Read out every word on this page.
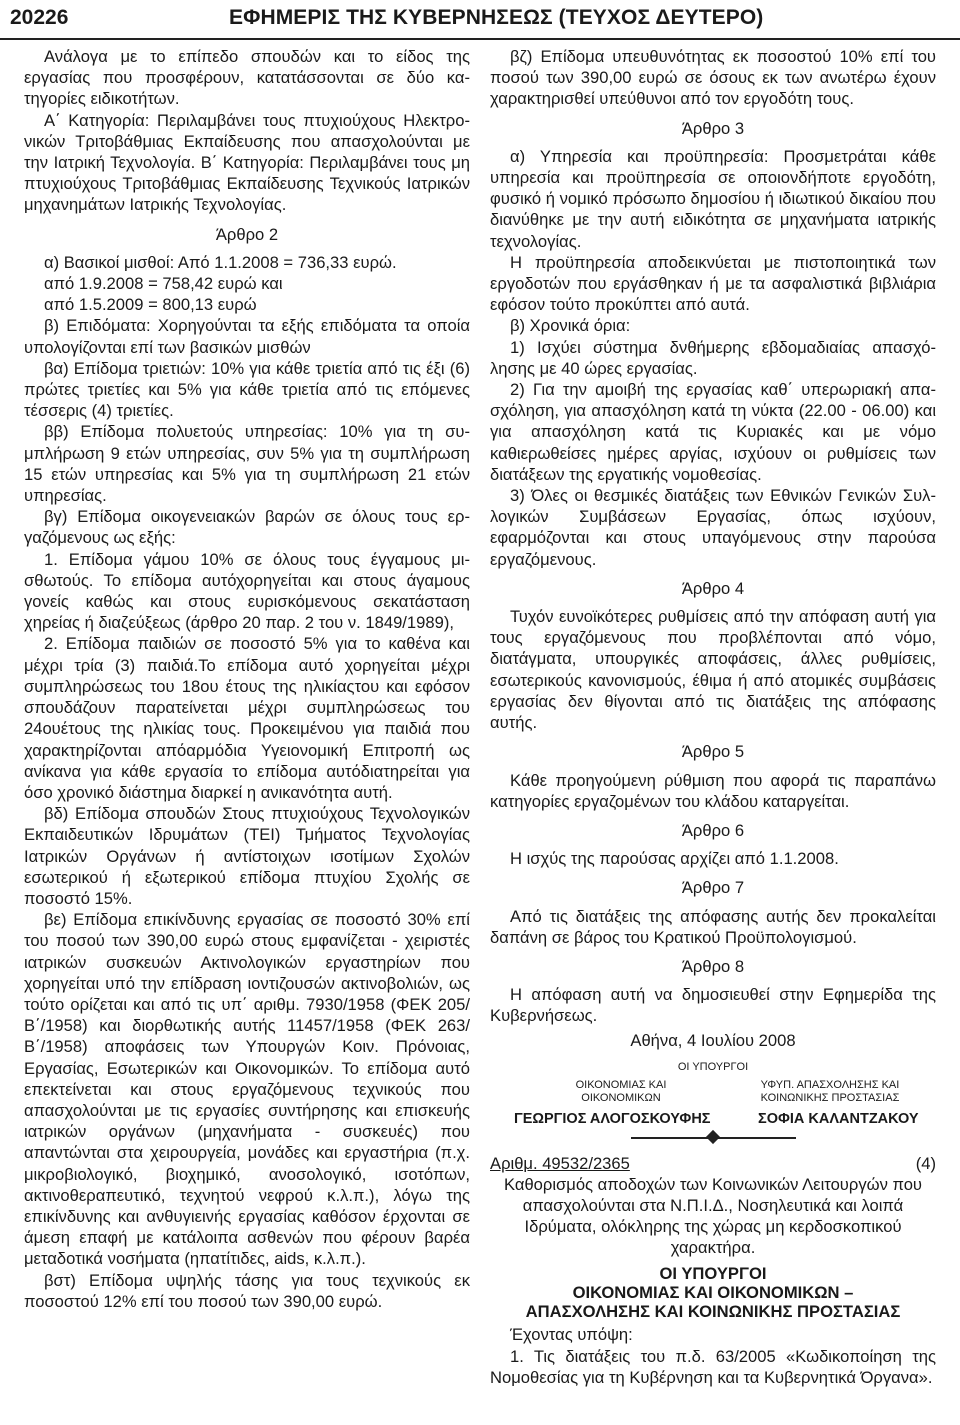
20226	ΕΦΗΜΕΡΙΣ ΤΗΣ ΚΥΒΕΡΝΗΣΕΩΣ (ΤΕΥΧΟΣ ΔΕΥΤΕΡΟ)

Ανάλογα με το επίπεδο σπουδών και το είδος της εργασίας που προσφέρουν, κατατάσσονται σε δύο κατηγορίες ειδικοτήτων.

Α΄ Κατηγορία: Περιλαμβάνει τους πτυχιούχους Ηλεκτρονικών Τριτοβάθμιας Εκπαίδευσης που απασχολούνται με την Ιατρική Τεχνολογία. Β΄ Κατηγορία: Περιλαμβάνει τους μη πτυχιούχους Τριτοβάθμιας Εκπαίδευσης Τεχνικούς Ιατρικών μηχανημάτων Ιατρικής Τεχνολογίας.

Άρθρο 2

α) Βασικοί μισθοί: Από 1.1.2008 = 736,33 ευρώ.

από 1.9.2008 = 758,42 ευρώ και

από 1.5.2009 = 800,13 ευρώ

β) Επιδόματα: Χορηγούνται τα εξής επιδόματα τα οποία υπολογίζονται επί των βασικών μισθών

βα) Επίδομα τριετιών: 10% για κάθε τριετία από τις έξι (6) πρώτες τριετίες και 5% για κάθε τριετία από τις επόμενες τέσσερις (4) τριετίες.

ββ) Επίδομα πολυετούς υπηρεσίας: 10% για τη συμπλήρωση 9 ετών υπηρεσίας, συν 5% για τη συμπλήρωση 15 ετών υπηρεσίας και 5% για τη συμπλήρωση 21 ετών υπηρεσίας.

βγ) Επίδομα οικογενειακών βαρών σε όλους τους εργαζόμενους ως εξής:

1. Επίδομα γάμου 10% σε όλους τους έγγαμους μισθωτούς. Το επίδομα αυτόχορηγείται και στους άγαμους γονείς καθώς και στους ευρισκόμενους σεκατάσταση χηρείας ή διαζεύξεως (άρθρο 20 παρ. 2 του ν. 1849/1989),

2. Επίδομα παιδιών σε ποσοστό 5% για το καθένα και μέχρι τρία (3) παιδιά.Το επίδομα αυτό χορηγείται μέχρι συμπληρώσεως του 18ου έτους της ηλικίαςτου και εφόσον σπουδάζουν παρατείνεται μέχρι συμπληρώσεως του 24ουέτους της ηλικίας τους. Προκειμένου για παιδιά που χαρακτηρίζονται απόαρμόδια Υγειονομική Επιτροπή ως ανίκανα για κάθε εργασία το επίδομα αυτόδιατηρείται για όσο χρονικό διάστημα διαρκεί η ανικανότητα αυτή.

βδ) Επίδομα σπουδών Στους πτυχιούχους Τεχνολογικών Εκπαιδευτικών Ιδρυμάτων (ΤΕΙ) Τμήματος Τεχνολογίας Ιατρικών Οργάνων ή αντίστοιχων ισοτίμων Σχολών εσωτερικού ή εξωτερικού επίδομα πτυχίου Σχολής σε ποσοστό 15%.

βε) Επίδομα επικίνδυνης εργασίας σε ποσοστό 30% επί του ποσού των 390,00 ευρώ στους εμφανίζεται - χειριστές ιατρικών συσκευών Ακτινολογικών εργαστηρίων που χορηγείται υπό την επίδραση ιοντιζουσών ακτινοβολιών, ως τούτο ορίζεται και από τις υπ΄ αριθμ. 7930/1958 (ΦΕΚ 205/Β΄/1958) και διορθωτικής αυτής 11457/1958 (ΦΕΚ 263/Β΄/1958) αποφάσεις των Υπουργών Κοιν. Πρόνοιας, Εργασίας, Εσωτερικών και Οικονομικών. Το επίδομα αυτό επεκτείνεται και στους εργαζόμενους τεχνικούς που απασχολούνται με τις εργασίες συντήρησης και επισκευής ιατρικών οργάνων (μηχανήματα - συσκευές) που απαντώνται στα χειρουργεία, μονάδες και εργαστήρια (π.χ. μικροβιολογικό, βιοχημικό, ανοσολογικό, ισοτόπων, ακτινοθεραπευτικό, τεχνητού νεφρού κ.λ.π.), λόγω της επικίνδυνης και ανθυγιεινής εργασίας καθόσον έρχονται σε άμεση επαφή με κατάλοιπα ασθενών που φέρουν βαρέα μεταδοτικά νοσήματα (ηπατίτιδες, aids, κ.λ.π.).

βστ) Επίδομα υψηλής τάσης για τους τεχνικούς εκ ποσοστού 12% επί του ποσού των 390,00 ευρώ.

βζ) Επίδομα υπευθυνότητας εκ ποσοστού 10% επί του ποσού των 390,00 ευρώ σε όσους εκ των ανωτέρω έχουν χαρακτηρισθεί υπεύθυνοι από τον εργοδότη τους.

Άρθρο 3

α) Υπηρεσία και προϋπηρεσία: Προσμετράται κάθε υπηρεσία και προϋπηρεσία σε οποιονδήποτε εργοδότη, φυσικό ή νομικό πρόσωπο δημοσίου ή ιδιωτικού δικαίου που διανύθηκε με την αυτή ειδικότητα σε μηχανήματα ιατρικής τεχνολογίας.

Η προϋπηρεσία αποδεικνύεται με πιστοποιητικά των εργοδοτών που εργάσθηκαν ή με τα ασφαλιστικά βιβλιάρια εφόσον τούτο προκύπτει από αυτά.

β) Χρονικά όρια:

1) Ισχύει σύστημα δνθήμερης εβδομαδιαίας απασχόλησης με 40 ώρες εργασίας.

2) Για την αμοιβή της εργασίας καθ΄ υπερωριακή απασχόληση, για απασχόληση κατά τη νύκτα (22.00 - 06.00) και για απασχόληση κατά τις Κυριακές και με νόμο καθιερωθείσες ημέρες αργίας, ισχύουν οι ρυθμίσεις των διατάξεων της εργατικής νομοθεσίας.

3) Όλες οι θεσμικές διατάξεις των Εθνικών Γενικών Συλλογικών Συμβάσεων Εργασίας, όπως ισχύουν, εφαρμόζονται και στους υπαγόμενους στην παρούσα εργαζόμενους.

Άρθρο 4

Τυχόν ευνοϊκότερες ρυθμίσεις από την απόφαση αυτή για τους εργαζόμενους που προβλέπονται από νόμο, διατάγματα, υπουργικές αποφάσεις, άλλες ρυθμίσεις, εσωτερικούς κανονισμούς, έθιμα ή από ατομικές συμβάσεις εργασίας δεν θίγονται από τις διατάξεις της απόφασης αυτής.

Άρθρο 5

Κάθε προηγούμενη ρύθμιση που αφορά τις παραπάνω κατηγορίες εργαζομένων του κλάδου καταργείται.

Άρθρο 6

Η ισχύς της παρούσας αρχίζει από 1.1.2008.

Άρθρο 7

Από τις διατάξεις της απόφασης αυτής δεν προκαλείται δαπάνη σε βάρος του Κρατικού Προϋπολογισμού.

Άρθρο 8

Η απόφαση αυτή να δημοσιευθεί στην Εφημερίδα της Κυβερνήσεως.

Αθήνα, 4 Ιουλίου 2008
ΟΙ ΥΠΟΥΡΓΟΙ
ΟΙΚΟΝΟΜΙΑΣ ΚΑΙ ΟΙΚΟΝΟΜΙΚΩΝ
ΥΦΥΠ. ΑΠΑΣΧΟΛΗΣΗΣ ΚΑΙ ΚΟΙΝΩΝΙΚΗΣ ΠΡΟΣΤΑΣΙΑΣ
ΓΕΩΡΓΙΟΣ ΑΛΟΓΟΣΚΟΥΦΗΣ	ΣΟΦΙΑ ΚΑΛΑΝΤΖΑΚΟΥ
Αριθμ. 49532/2365	(4)

Καθορισμός αποδοχών των Κοινωνικών Λειτουργών που απασχολούνται στα Ν.Π.Ι.Δ., Νοσηλευτικά και λοιπά Ιδρύματα, ολόκληρης της χώρας μη κερδοσκοπικού χαρακτήρα.

ΟΙ ΥΠΟΥΡΓΟΙ
ΟΙΚΟΝΟΜΙΑΣ ΚΑΙ ΟΙΚΟΝΟΜΙΚΩΝ –
ΑΠΑΣΧΟΛΗΣΗΣ ΚΑΙ ΚΟΙΝΩΝΙΚΗΣ ΠΡΟΣΤΑΣΙΑΣ

Έχοντας υπόψη:

1. Τις διατάξεις του π.δ. 63/2005 «Κωδικοποίηση της Νομοθεσίας για τη Κυβέρνηση και τα Κυβερνητικά Όργανα».
